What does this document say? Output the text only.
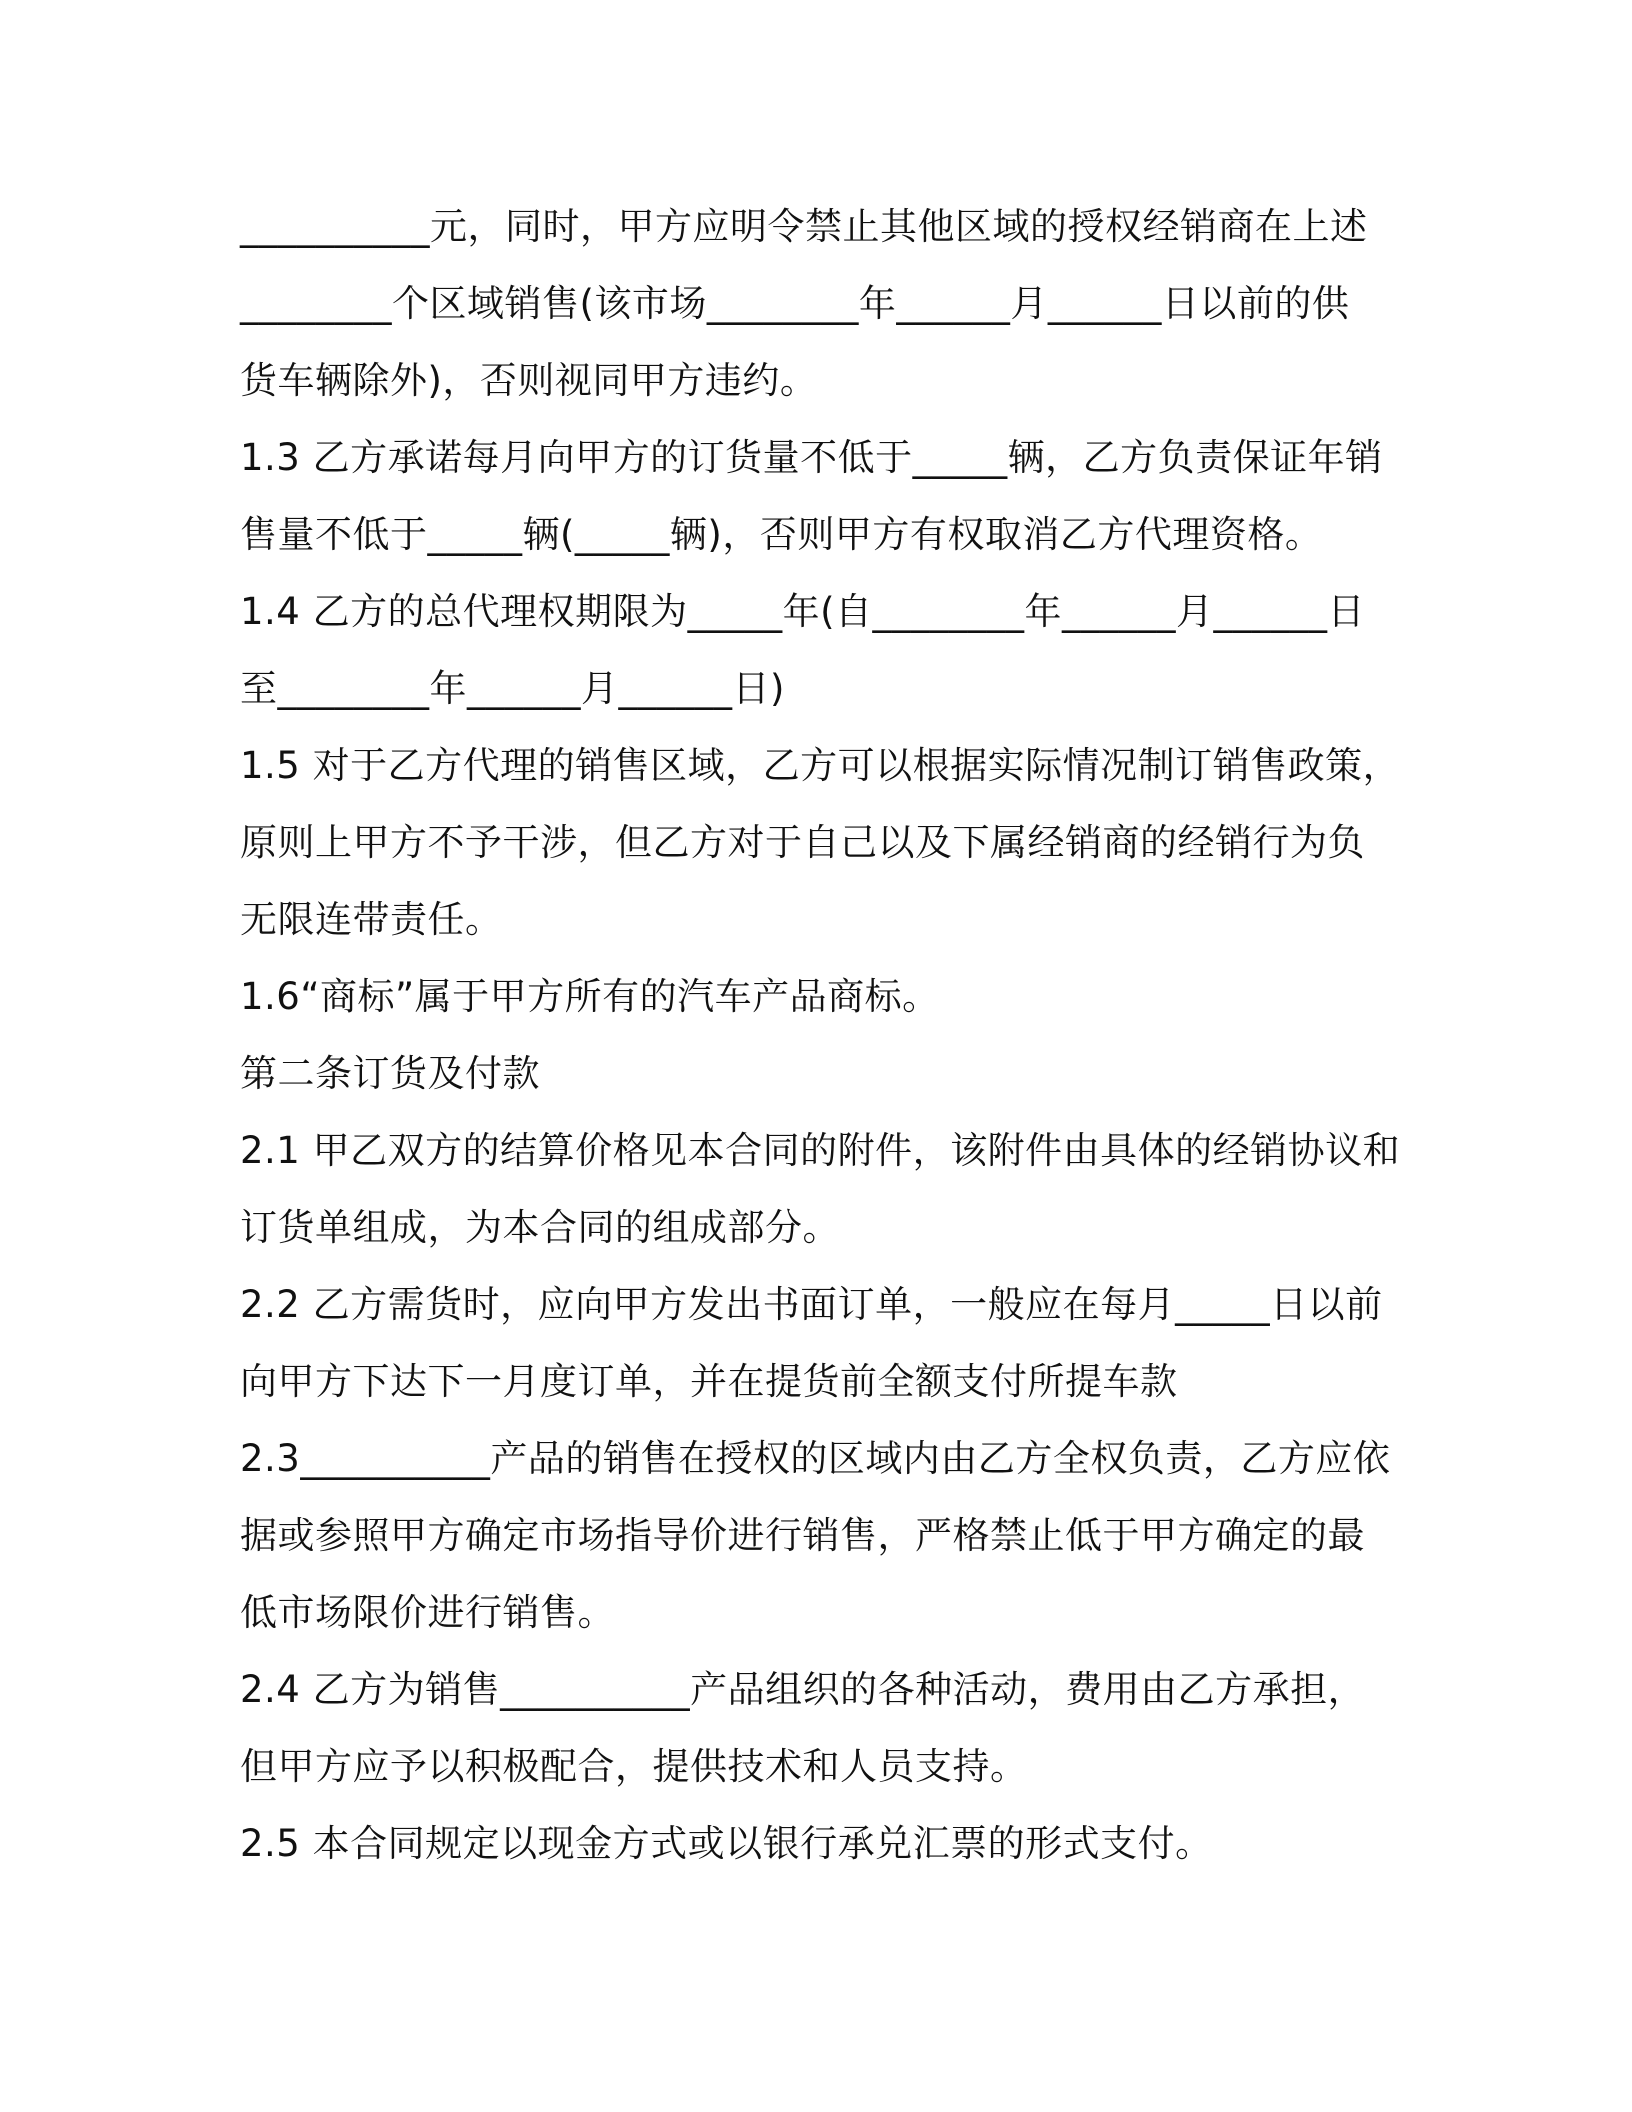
__________元，同时，甲方应明令禁止其他区域的授权经销商在上述
________个区域销售(该市场________年______月______日以前的供
货车辆除外)，否则视同甲方违约。
1.3 乙方承诺每月向甲方的订货量不低于_____辆，乙方负责保证年销
售量不低于_____辆(_____辆)，否则甲方有权取消乙方代理资格。
1.4 乙方的总代理权期限为_____年(自________年______月______日
至________年______月______日)
1.5 对于乙方代理的销售区域，乙方可以根据实际情况制订销售政策，
原则上甲方不予干涉，但乙方对于自己以及下属经销商的经销行为负
无限连带责任。
1.6“商标”属于甲方所有的汽车产品商标。
第二条订货及付款
2.1 甲乙双方的结算价格见本合同的附件，该附件由具体的经销协议和
订货单组成，为本合同的组成部分。
2.2 乙方需货时，应向甲方发出书面订单，一般应在每月_____日以前
向甲方下达下一月度订单，并在提货前全额支付所提车款
2.3__________产品的销售在授权的区域内由乙方全权负责，乙方应依
据或参照甲方确定市场指导价进行销售，严格禁止低于甲方确定的最
低市场限价进行销售。
2.4 乙方为销售__________产品组织的各种活动，费用由乙方承担，
但甲方应予以积极配合，提供技术和人员支持。
2.5 本合同规定以现金方式或以银行承兑汇票的形式支付。
